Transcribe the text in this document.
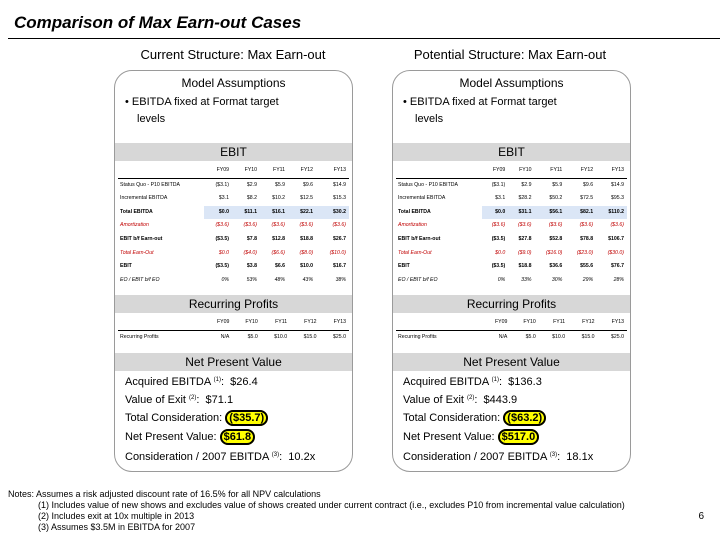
Comparison of Max Earn-out Cases
Current Structure: Max Earn-out	Potential Structure: Max Earn-out
Model Assumptions
• EBITDA fixed at Format target
levels
EBIT
	FY09	FY10	FY11	FY12	FY13
Status Quo - P10 EBITDA	($3.1)	$2.9	$5.9	$9.6	$14.9
Incremental EBITDA	$3.1	$8.2	$10.2	$12.5	$15.3
Total EBITDA	$0.0	$11.1	$16.1	$22.1	$30.2
Amortization	($3.6)	($3.6)	($3.6)	($3.6)	($3.6)
EBIT b/f Earn-out	($3.5)	$7.8	$12.8	$18.8	$26.7
Total Earn-Out	$0.0	($4.0)	($6.6)	($8.0)	($10.0)
EBIT	($3.5)	$3.8	$6.6	$10.0	$16.7
EO / EBIT b/f EO	0%	53%	48%	43%	38%
Recurring Profits
	FY09	FY10	FY11	FY12	FY13
Recurring Profits	N/A	$5.0	$10.0	$15.0	$25.0
Net Present Value
Acquired EBITDA $^{(1)}$:  $26.4
Value of Exit $^{(2)}$:  $71.1
Total Consideration: ($35.7)
Net Present Value: $61.8
Consideration / 2007 EBITDA $^{(3)}$:  10.2x
Model Assumptions
• EBITDA fixed at Format target
levels
EBIT
	FY09	FY10	FY11	FY12	FY13
Status Quo - P10 EBITDA	($3.1)	$2.9	$5.9	$9.6	$14.9
Incremental EBITDA	$3.1	$28.2	$50.2	$72.5	$95.3
Total EBITDA	$0.0	$31.1	$56.1	$82.1	$110.2
Amortization	($3.6)	($3.6)	($3.6)	($3.6)	($3.6)
EBIT b/f Earn-out	($3.5)	$27.8	$52.8	$78.8	$106.7
Total Earn-Out	$0.0	($9.0)	($16.0)	($23.0)	($30.0)
EBIT	($3.5)	$18.8	$36.6	$55.6	$76.7
EO / EBIT b/f EO	0%	33%	30%	29%	28%
Recurring Profits
	FY09	FY10	FY11	FY12	FY13
Recurring Profits	N/A	$5.0	$10.0	$15.0	$25.0
Net Present Value
Acquired EBITDA $^{(1)}$:  $136.3
Value of Exit $^{(2)}$:  $443.9
Total Consideration: ($63.2)
Net Present Value: $517.0
Consideration / 2007 EBITDA $^{(3)}$:  18.1x
Notes: Assumes a risk adjusted discount rate of 16.5% for all NPV calculations
(1) Includes value of new shows and excludes value of shows created under current contract (i.e., excludes P10 from incremental value calculation)
(2) Includes exit at 10x multiple in 2013
(3) Assumes $3.5M in EBITDA for 2007
6
